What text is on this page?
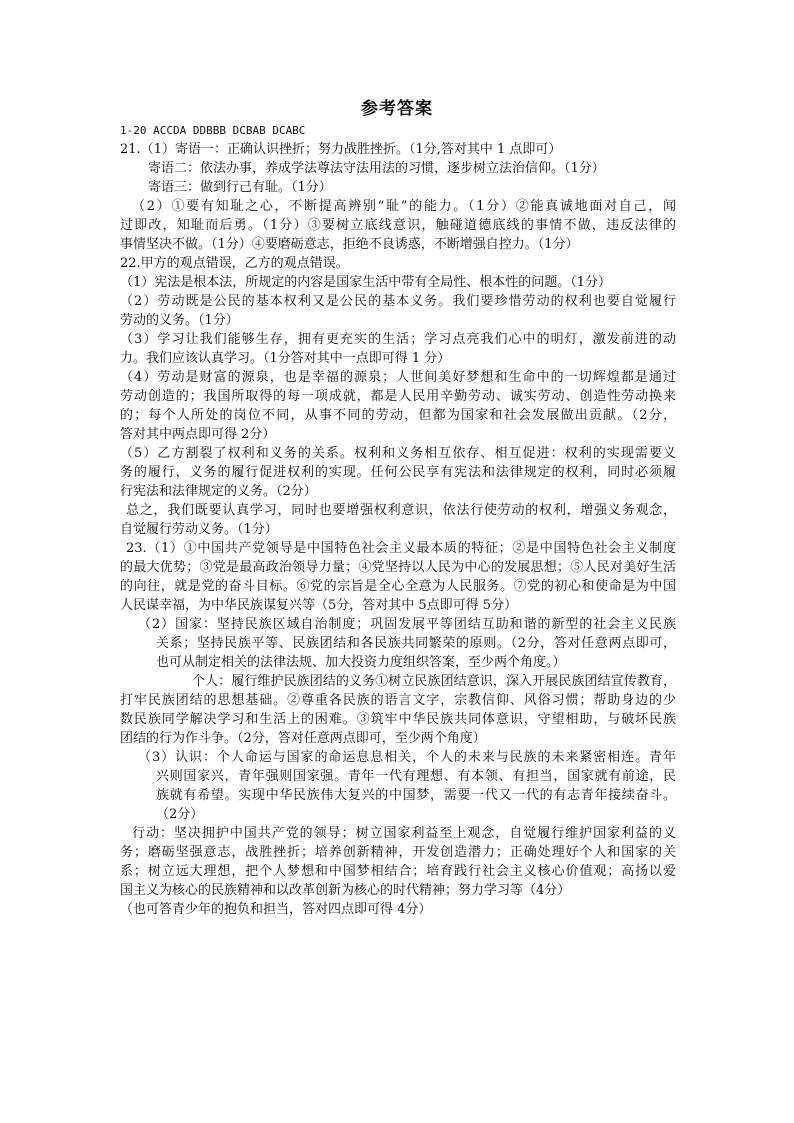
参考答案
1-20 ACCDA DDBBB DCBAB DCABC
21.（1）寄语一：正确认识挫折；努力战胜挫折。（1分,答对其中 1 点即可）
寄语二：依法办事，养成学法尊法守法用法的习惯，逐步树立法治信仰。（1分）
寄语三：做到行己有耻。（1分）
（2）①要有知耻之心，不断提高辨别“耻”的能力。（1分）②能真诚地面对自己，闻
过即改，知耻而后勇。（1分）③要树立底线意识，触碰道德底线的事情不做，违反法律的
事情坚决不做。（1分）④要磨砺意志，拒绝不良诱惑，不断增强自控力。（1分）
22.甲方的观点错误，乙方的观点错误。
（1）宪法是根本法，所规定的内容是国家生活中带有全局性、根本性的问题。（1分）
（2）劳动既是公民的基本权利又是公民的基本义务。我们要珍惜劳动的权利也要自觉履行
劳动的义务。（1分）
（3）学习让我们能够生存，拥有更充实的生活；学习点亮我们心中的明灯，激发前进的动
力。我们应该认真学习。（1分答对其中一点即可得 1 分）
（4）劳动是财富的源泉，也是幸福的源泉；人世间美好梦想和生命中的一切辉煌都是通过
劳动创造的；我国所取得的每一项成就，都是人民用辛勤劳动、诚实劳动、创造性劳动换来
的；每个人所处的岗位不同，从事不同的劳动，但都为国家和社会发展做出贡献。（2分，
答对其中两点即可得 2分）
（5）乙方割裂了权利和义务的关系。权利和义务相互依存、相互促进：权利的实现需要义
务的履行，义务的履行促进权利的实现。任何公民享有宪法和法律规定的权利，同时必须履
行宪法和法律规定的义务。（2分）
总之，我们既要认真学习，同时也要增强权利意识，依法行使劳动的权利，增强义务观念，
自觉履行劳动义务。（1分）
23.（1）①中国共产党领导是中国特色社会主义最本质的特征；②是中国特色社会主义制度
的最大优势；③党是最高政治领导力量；④党坚持以人民为中心的发展思想；⑤人民对美好生活
的向往，就是党的奋斗目标。⑥党的宗旨是全心全意为人民服务。⑦党的初心和使命是为中国
人民谋幸福，为中华民族谋复兴等（5分，答对其中 5点即可得 5分）
（2）国家：坚持民族区域自治制度；巩固发展平等团结互助和谐的新型的社会主义民族
关系；坚持民族平等、民族团结和各民族共同繁荣的原则。（2分，答对任意两点即可，
也可从制定相关的法律法规、加大投资力度组织答案，至少两个角度。）
个人：履行维护民族团结的义务①树立民族团结意识，深入开展民族团结宣传教育，
打牢民族团结的思想基础。②尊重各民族的语言文字，宗教信仰、风俗习惯；帮助身边的少
数民族同学解决学习和生活上的困难。③筑牢中华民族共同体意识，守望相助，与破坏民族
团结的行为作斗争。（2分，答对任意两点即可，至少两个角度）
（3）认识：个人命运与国家的命运息息相关，个人的未来与民族的未来紧密相连。青年
兴则国家兴，青年强则国家强。青年一代有理想、有本领、有担当，国家就有前途，民
族就有希望。实现中华民族伟大复兴的中国梦，需要一代又一代的有志青年接续奋斗。
（2分）
行动：坚决拥护中国共产党的领导；树立国家利益至上观念，自觉履行维护国家利益的义
务；磨砺坚强意志，战胜挫折；培养创新精神，开发创造潜力；正确处理好个人和国家的关
系；树立远大理想，把个人梦想和中国梦相结合；培育践行社会主义核心价值观；高扬以爱
国主义为核心的民族精神和以改革创新为核心的时代精神；努力学习等（4分）
（也可答青少年的抱负和担当，答对四点即可得 4分）
